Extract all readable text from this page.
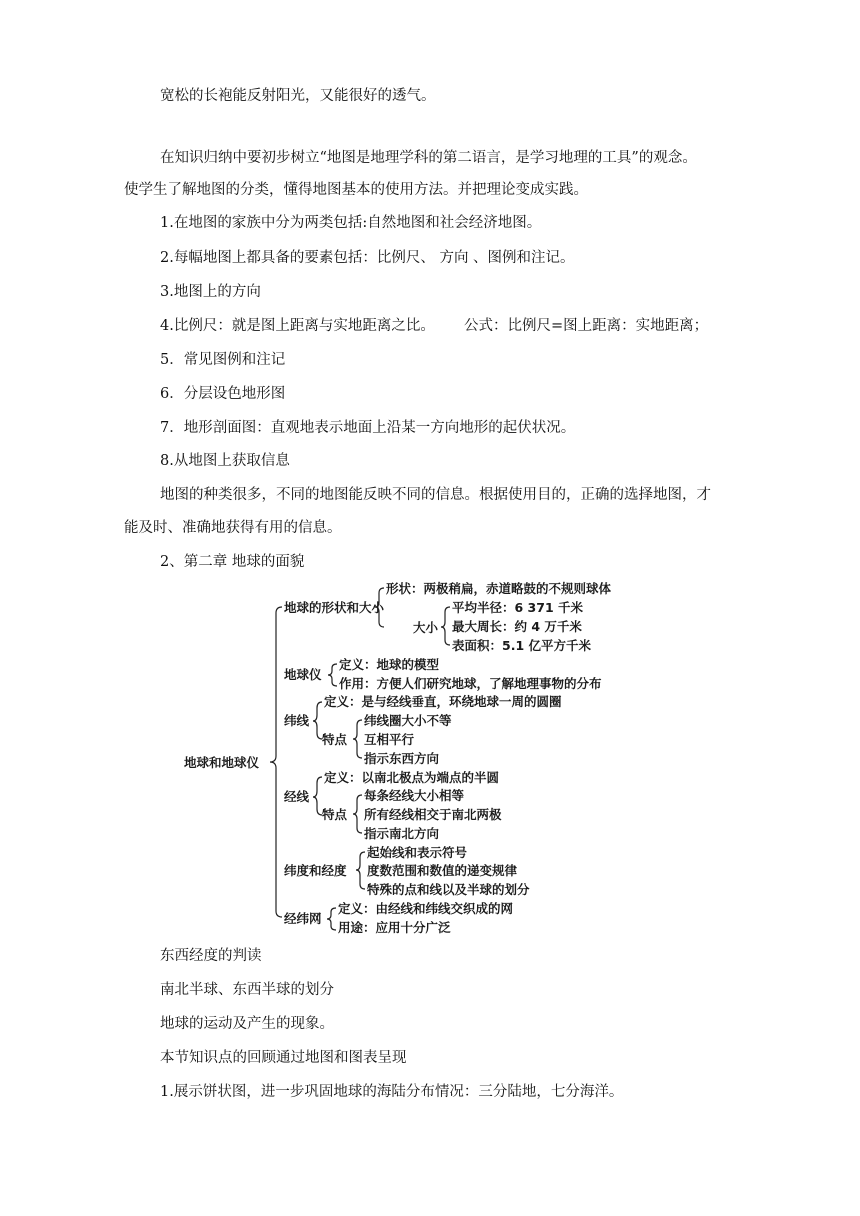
宽松的长袍能反射阳光，又能很好的透气。
在知识归纳中要初步树立“地图是地理学科的第二语言，是学习地理的工具”的观念。
使学生了解地图的分类，懂得地图基本的使用方法。并把理论变成实践。
1.在地图的家族中分为两类包括:自然地图和社会经济地图。
2.每幅地图上都具备的要素包括：比例尺、 方向 、图例和注记。
3.地图上的方向
4.比例尺：就是图上距离与实地距离之比。 公式：比例尺=图上距离：实地距离；
5．常见图例和注记
6．分层设色地形图
7．地形剖面图：直观地表示地面上沿某一方向地形的起伏状况。
8.从地图上获取信息
地图的种类很多，不同的地图能反映不同的信息。根据使用目的，正确的选择地图，才
能及时、准确地获得有用的信息。
2、第二章 地球的面貌
地球和地球仪
地球的形状和大小
形状：两极稍扁，赤道略鼓的不规则球体
大小
平均半径：6 371 千米
最大周长：约 4 万千米
表面积：5.1 亿平方千米
地球仪
定义：地球的模型
作用：方便人们研究地球，了解地理事物的分布
纬线
定义：是与经线垂直，环绕地球一周的圆圈
特点
纬线圈大小不等
互相平行
指示东西方向
经线
定义：以南北极点为端点的半圆
特点
每条经线大小相等
所有经线相交于南北两极
指示南北方向
纬度和经度
起始线和表示符号
度数范围和数值的递变规律
特殊的点和线以及半球的划分
经纬网
定义：由经线和纬线交织成的网
用途：应用十分广泛
东西经度的判读
南北半球、东西半球的划分
地球的运动及产生的现象。
本节知识点的回顾通过地图和图表呈现
1.展示饼状图，进一步巩固地球的海陆分布情况：三分陆地，七分海洋。
